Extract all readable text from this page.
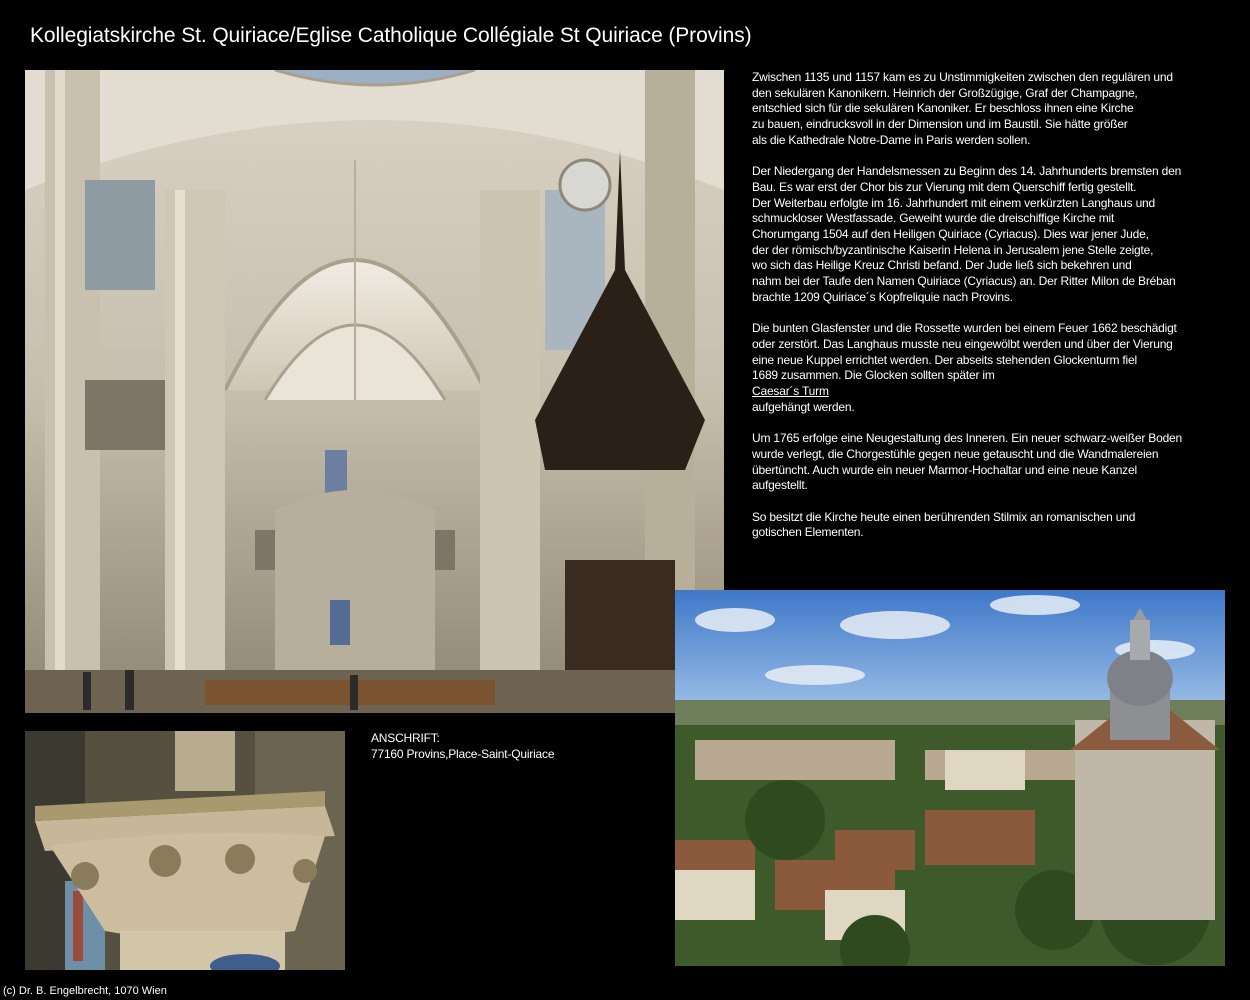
Kollegiatskirche St. Quiriace/Eglise Catholique Collégiale St Quiriace (Provins)

Zwischen 1135 und 1157 kam es zu Unstimmigkeiten zwischen den regulären und
den sekulären Kanonikern. Heinrich der Großzügige, Graf der Champagne,
entschied sich für die sekulären Kanoniker. Er beschloss ihnen eine Kirche
zu bauen, eindrucksvoll in der Dimension und im Baustil. Sie hätte größer
als die Kathedrale Notre-Dame in Paris werden sollen.

Der Niedergang der Handelsmessen zu Beginn des 14. Jahrhunderts bremsten den
Bau. Es war erst der Chor bis zur Vierung mit dem Querschiff fertig gestellt.
Der Weiterbau erfolgte im 16. Jahrhundert mit einem verkürzten Langhaus und
schmuckloser Westfassade. Geweiht wurde die dreischiffige Kirche mit
Chorumgang 1504 auf den Heiligen Quiriace (Cyriacus). Dies war jener Jude,
der der römisch/byzantinische Kaiserin Helena in Jerusalem jene Stelle zeigte,
wo sich das Heilige Kreuz Christi befand. Der Jude ließ sich bekehren und
nahm bei der Taufe den Namen Quiriace (Cyriacus) an. Der Ritter Milon de Bréban
brachte 1209 Quiriace´s Kopfreliquie nach Provins.

Die bunten Glasfenster und die Rossette wurden bei einem Feuer 1662 beschädigt
oder zerstört. Das Langhaus musste neu eingewölbt werden und über der Vierung
eine neue Kuppel errichtet werden. Der abseits stehenden Glockenturm fiel
1689 zusammen. Die Glocken sollten später im
Caesar´s Turm
aufgehängt werden.

Um 1765 erfolge eine Neugestaltung des Inneren. Ein neuer schwarz-weißer Boden
wurde verlegt, die Chorgestühle gegen neue getauscht und die Wandmalereien
übertüncht. Auch wurde ein neuer Marmor-Hochaltar und eine neue Kanzel
aufgestellt.

So besitzt die Kirche heute einen berührenden Stilmix an romanischen und
gotischen Elementen.

ANSCHRIFT:
77160 Provins,Place-Saint-Quiriace
(c) Dr. B. Engelbrecht, 1070 Wien
